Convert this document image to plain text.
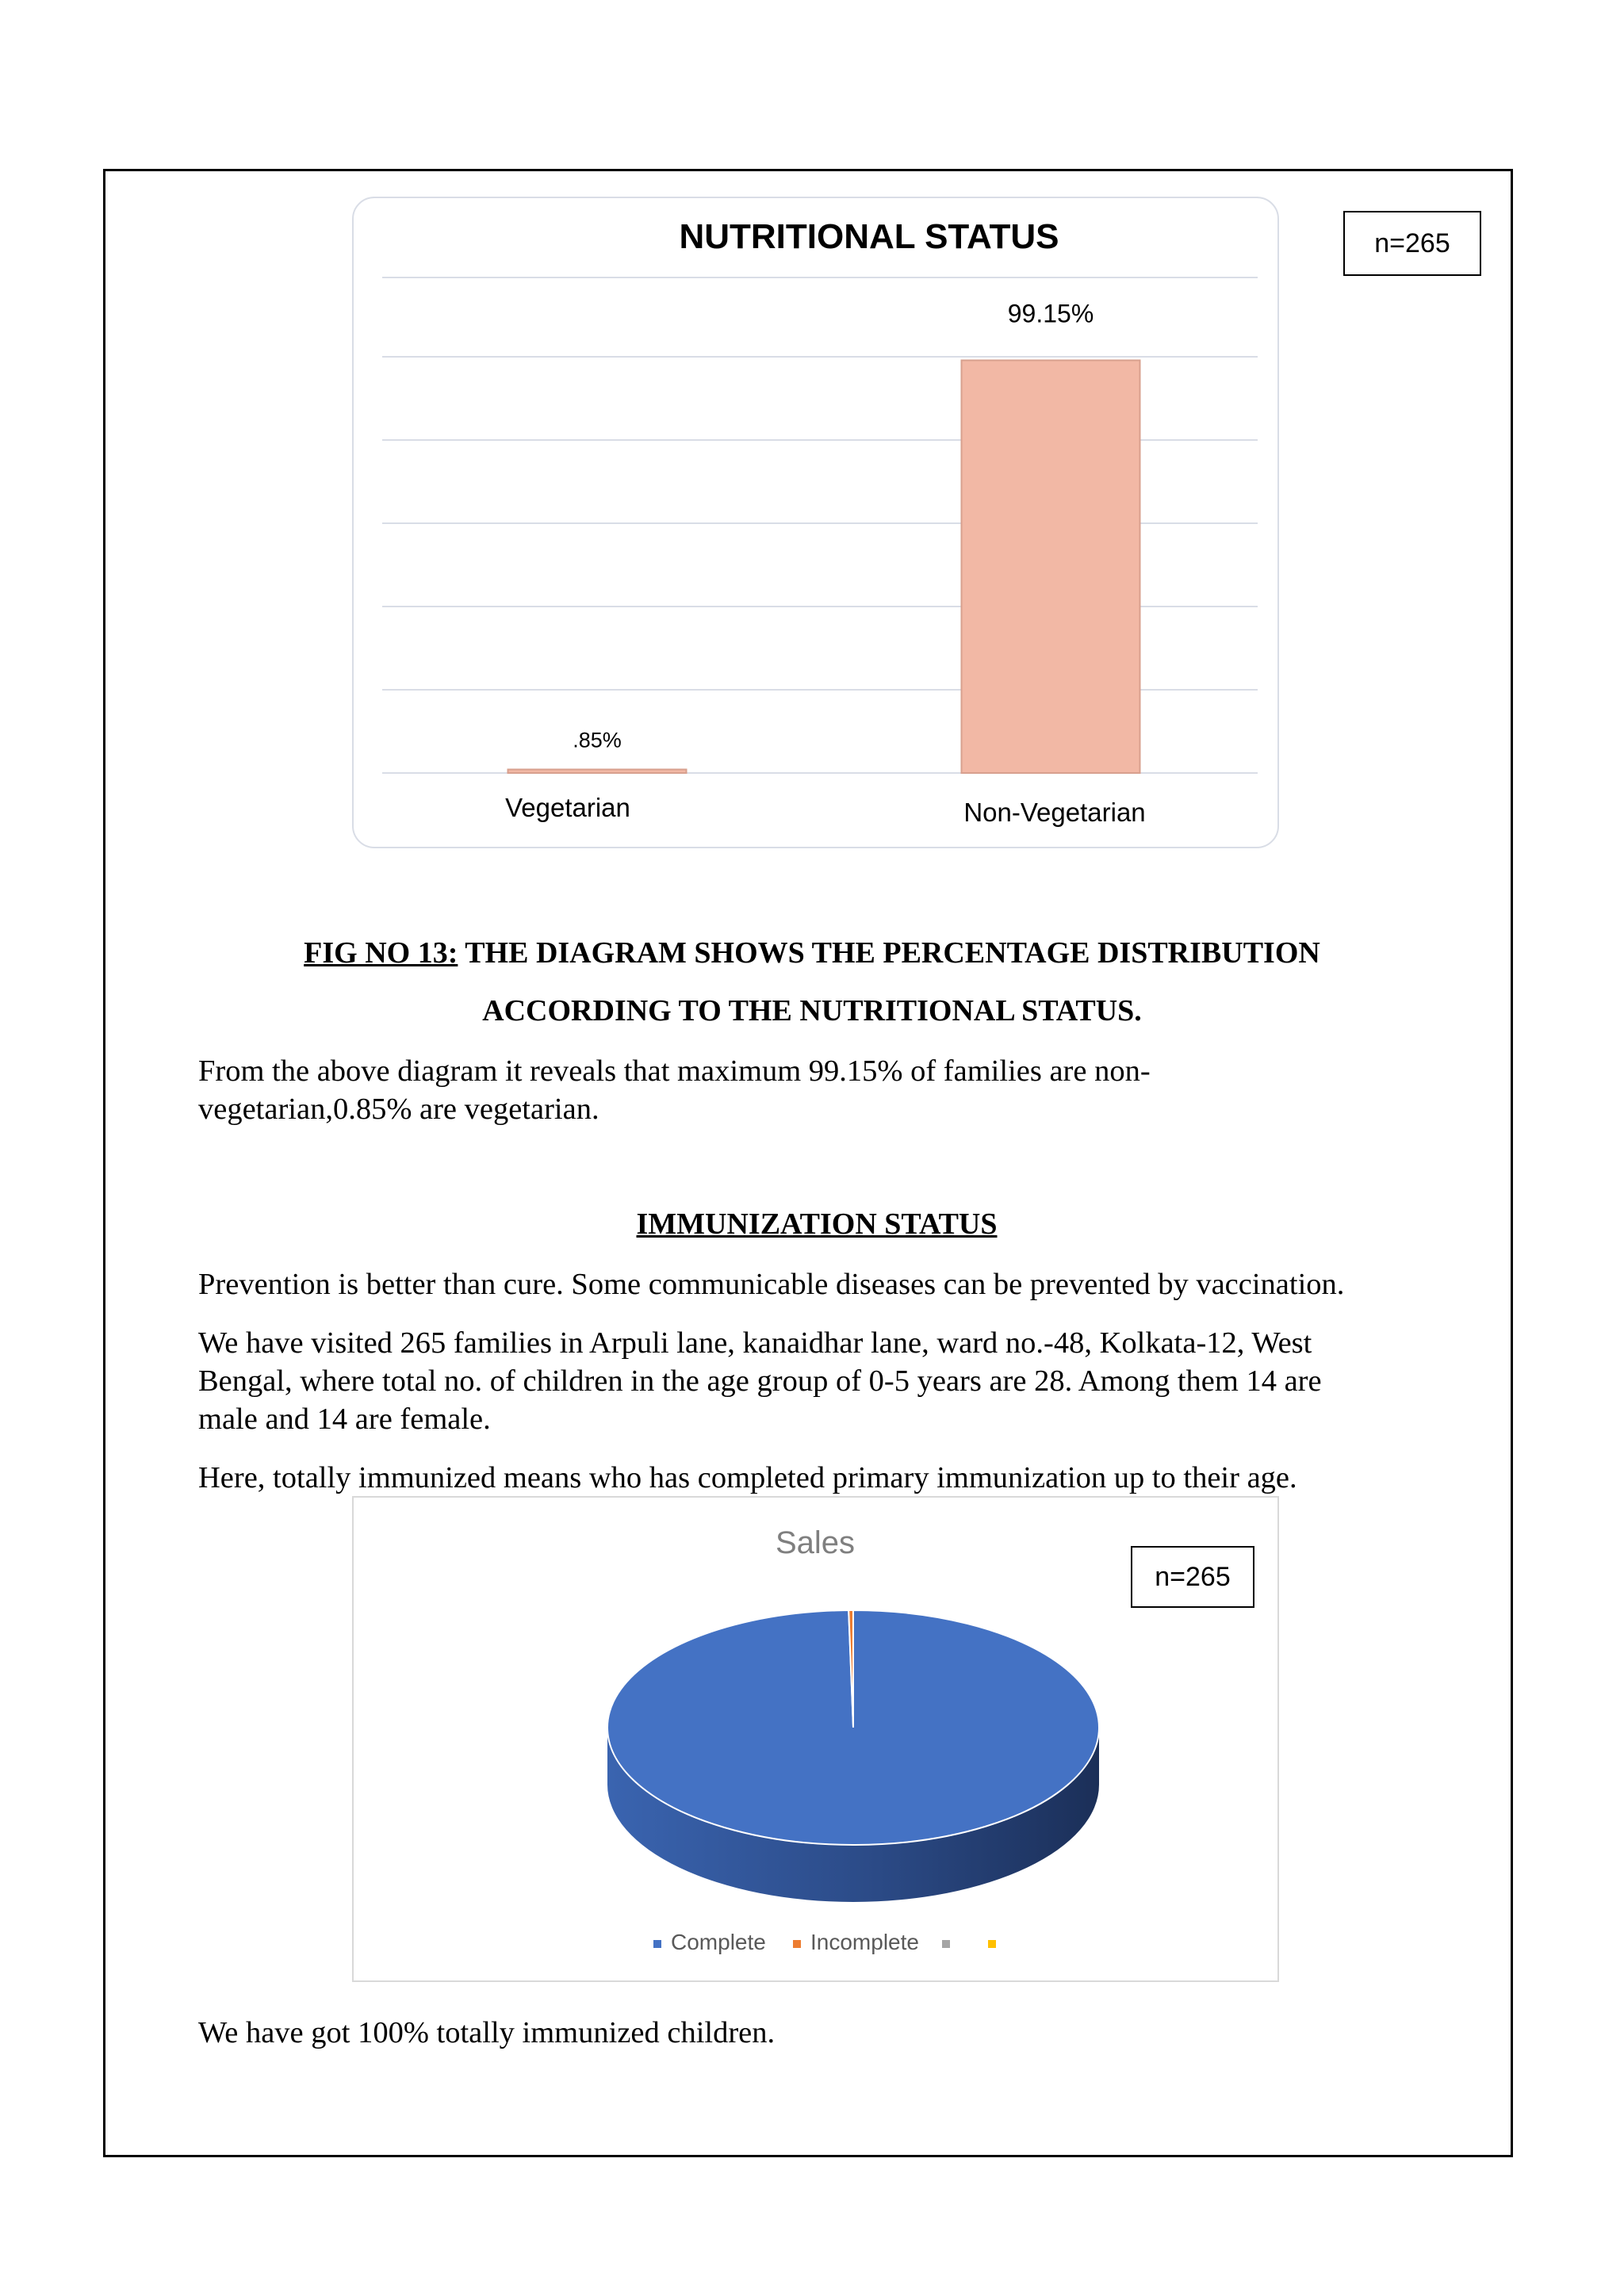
NUTRITIONAL STATUS
.85%
Vegetarian
99.15%
Non-Vegetarian
n=265
FIG NO 13: THE DIAGRAM SHOWS THE PERCENTAGE DISTRIBUTION
ACCORDING TO THE NUTRITIONAL STATUS.
From the above diagram it reveals that maximum 99.15% of families are non-
vegetarian,0.85% are vegetarian.
IMMUNIZATION STATUS
Prevention is better than cure. Some communicable diseases can be prevented by vaccination.
We have visited 265 families in Arpuli lane, kanaidhar lane, ward no.-48, Kolkata-12, West
Bengal, where total no. of children in the age group of 0-5 years are 28. Among them 14 are
male and 14 are female.
Here, totally immunized means who has completed primary immunization up to their age.
Sales
Complete Incomplete
n=265
We have got 100% totally immunized children.
